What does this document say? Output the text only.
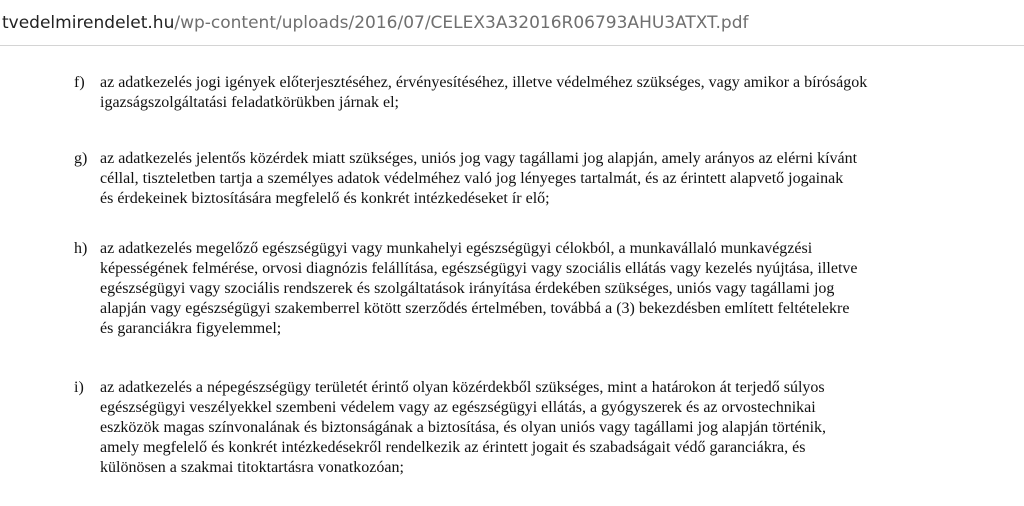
tvedelmirendelet.hu /wp-content/uploads/2016/07/CELEX3A32016R06793AHU3ATXT.pdf
f) az adatkezelés jogi igények előterjesztéséhez, érvényesítéséhez, illetve védelméhez szükséges, vagy amikor a bíróságok
igazságszolgáltatási feladatkörükben járnak el;
g) az adatkezelés jelentős közérdek miatt szükséges, uniós jog vagy tagállami jog alapján, amely arányos az elérni kívánt
céllal, tiszteletben tartja a személyes adatok védelméhez való jog lényeges tartalmát, és az érintett alapvető jogainak
és érdekeinek biztosítására megfelelő és konkrét intézkedéseket ír elő;
h) az adatkezelés megelőző egészségügyi vagy munkahelyi egészségügyi célokból, a munkavállaló munkavégzési
képességének felmérése, orvosi diagnózis felállítása, egészségügyi vagy szociális ellátás vagy kezelés nyújtása, illetve
egészségügyi vagy szociális rendszerek és szolgáltatások irányítása érdekében szükséges, uniós vagy tagállami jog
alapján vagy egészségügyi szakemberrel kötött szerződés értelmében, továbbá a (3) bekezdésben említett feltételekre
és garanciákra figyelemmel;
i)	az adatkezelés a népegészségügy területét érintő olyan közérdekből szükséges, mint a határokon át terjedő súlyos
egészségügyi veszélyekkel szembeni védelem vagy az egészségügyi ellátás, a gyógyszerek és az orvostechnikai
eszközök magas színvonalának és biztonságának a biztosítása, és olyan uniós vagy tagállami jog alapján történik,
amely megfelelő és konkrét intézkedésekről rendelkezik az érintett jogait és szabadságait védő garanciákra, és
különösen a szakmai titoktartásra vonatkozóan;
